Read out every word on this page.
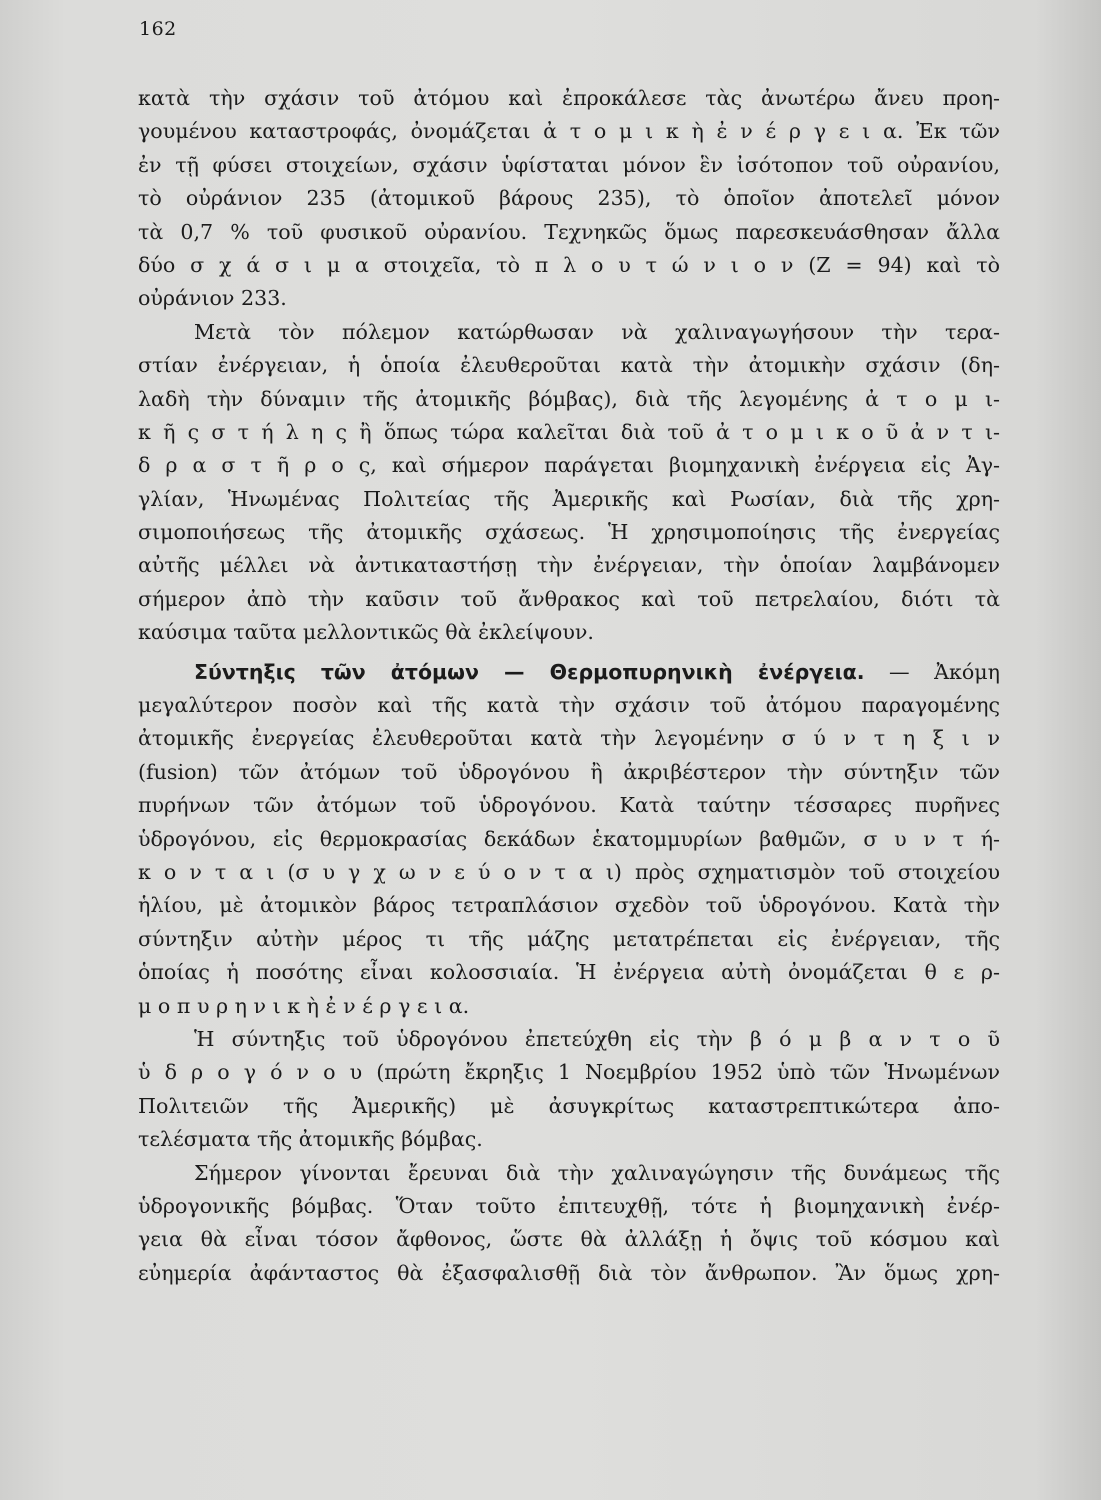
162
κατὰ τὴν σχάσιν τοῦ ἀτόμου καὶ ἐπροκάλεσε τὰς ἀνωτέρω ἄνευ προη-
γουμένου καταστροφάς, ὀνομάζεται ἀ τ ο μ ι κ ὴ ἐ ν έ ρ γ ε ι α. Ἐκ τῶν
ἐν τῇ φύσει στοιχείων, σχάσιν ὑφίσταται μόνον ἓν ἰσότοπον τοῦ οὐρανίου,
τὸ οὐράνιον 235 (ἀτομικοῦ βάρους 235), τὸ ὁποῖον ἀποτελεῖ μόνον
τὰ 0,7 % τοῦ φυσικοῦ οὐρανίου. Τεχνηκῶς ὅμως παρεσκευάσθησαν ἄλλα
δύο σ χ ά σ ι μ α στοιχεῖα, τὸ π λ ο υ τ ώ ν ι ο ν (Ζ = 94) καὶ τὸ
οὐράνιον 233.
Μετὰ τὸν πόλεμον κατώρθωσαν νὰ χαλιναγωγήσουν τὴν τερα-
στίαν ἐνέργειαν, ἡ ὁποία ἐλευθεροῦται κατὰ τὴν ἀτομικὴν σχάσιν (δη-
λαδὴ τὴν δύναμιν τῆς ἀτομικῆς βόμβας), διὰ τῆς λεγομένης ἀ τ ο μ ι-
κ ῆ ς σ τ ή λ η ς ἢ ὅπως τώρα καλεῖται διὰ τοῦ ἀ τ ο μ ι κ ο ῦ ἀ ν τ ι-
δ ρ α σ τ ῆ ρ ο ς, καὶ σήμερον παράγεται βιομηχανικὴ ἐνέργεια εἰς Ἀγ-
γλίαν, Ἡνωμένας Πολιτείας τῆς Ἀμερικῆς καὶ Ρωσίαν, διὰ τῆς χρη-
σιμοποιήσεως τῆς ἀτομικῆς σχάσεως. Ἡ χρησιμοποίησις τῆς ἐνεργείας
αὐτῆς μέλλει νὰ ἀντικαταστήσῃ τὴν ἐνέργειαν, τὴν ὁποίαν λαμβάνομεν
σήμερον ἀπὸ τὴν καῦσιν τοῦ ἄνθρακος καὶ τοῦ πετρελαίου, διότι τὰ
καύσιμα ταῦτα μελλοντικῶς θὰ ἐκλείψουν.
Σύντηξις τῶν ἀτόμων — Θερμοπυρηνικὴ ἐνέργεια. — Ἀκόμη
μεγαλύτερον ποσὸν καὶ τῆς κατὰ τὴν σχάσιν τοῦ ἀτόμου παραγομένης
ἀτομικῆς ἐνεργείας ἐλευθεροῦται κατὰ τὴν λεγομένην σ ύ ν τ η ξ ι ν
(fusion) τῶν ἀτόμων τοῦ ὑδρογόνου ἢ ἀκριβέστερον τὴν σύντηξιν τῶν
πυρήνων τῶν ἀτόμων τοῦ ὑδρογόνου. Κατὰ ταύτην τέσσαρες πυρῆνες
ὑδρογόνου, εἰς θερμοκρασίας δεκάδων ἑκατομμυρίων βαθμῶν, σ υ ν τ ή-
κ ο ν τ α ι (σ υ γ χ ω ν ε ύ ο ν τ α ι) πρὸς σχηματισμὸν τοῦ στοιχείου
ἡλίου, μὲ ἀτομικὸν βάρος τετραπλάσιον σχεδὸν τοῦ ὑδρογόνου. Κατὰ τὴν
σύντηξιν αὐτὴν μέρος τι τῆς μάζης μετατρέπεται εἰς ἐνέργειαν, τῆς
ὁποίας ἡ ποσότης εἶναι κολοσσιαία. Ἡ ἐνέργεια αὐτὴ ὀνομάζεται θ ε ρ-
μ ο π υ ρ η ν ι κ ὴ ἐ ν έ ρ γ ε ι α.
Ἡ σύντηξις τοῦ ὑδρογόνου ἐπετεύχθη εἰς τὴν β ό μ β α ν τ ο ῦ
ὑ δ ρ ο γ ό ν ο υ (πρώτη ἔκρηξις 1 Νοεμβρίου 1952 ὑπὸ τῶν Ἡνωμένων
Πολιτειῶν τῆς Ἀμερικῆς) μὲ ἀσυγκρίτως καταστρεπτικώτερα ἀπο-
τελέσματα τῆς ἀτομικῆς βόμβας.
Σήμερον γίνονται ἔρευναι διὰ τὴν χαλιναγώγησιν τῆς δυνάμεως τῆς
ὑδρογονικῆς βόμβας. Ὅταν τοῦτο ἐπιτευχθῇ, τότε ἡ βιομηχανικὴ ἐνέρ-
γεια θὰ εἶναι τόσον ἄφθονος, ὥστε θὰ ἀλλάξῃ ἡ ὄψις τοῦ κόσμου καὶ
εὐημερία ἀφάνταστος θὰ ἐξασφαλισθῇ διὰ τὸν ἄνθρωπον. Ἂν ὅμως χρη-
